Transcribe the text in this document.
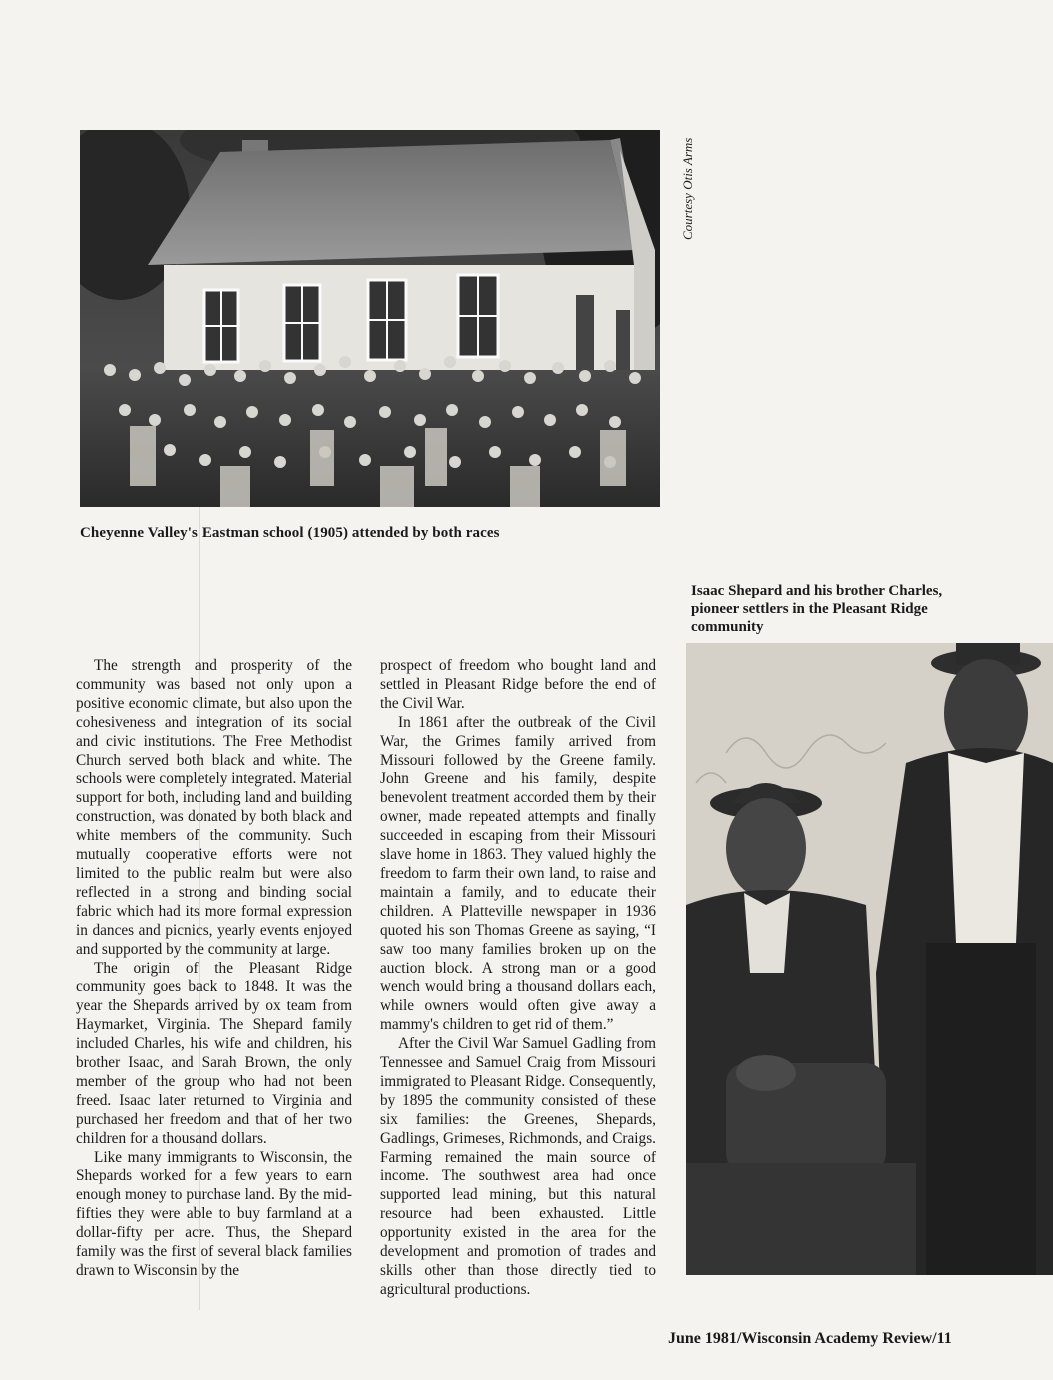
Courtesy Otis Arms
Cheyenne Valley's Eastman school (1905) attended by both races
Isaac Shepard and his brother Charles, pioneer settlers in the Pleasant Ridge community

The strength and prosperity of the community was based not only upon a positive economic climate, but also upon the cohesiveness and integration of its social and civic institutions. The Free Methodist Church served both black and white. The schools were completely integrated. Material support for both, including land and building construction, was donated by both black and white members of the community. Such mutually cooperative efforts were not limited to the public realm but were also reflected in a strong and binding social fabric which had its more formal expression in dances and picnics, yearly events enjoyed and supported by the community at large.

The origin of the Pleasant Ridge community goes back to 1848. It was the year the Shepards arrived by ox team from Haymarket, Virginia. The Shepard family included Charles, his wife and children, his brother Isaac, and Sarah Brown, the only member of the group who had not been freed. Isaac later returned to Virginia and purchased her freedom and that of her two children for a thousand dollars.

Like many immigrants to Wisconsin, the Shepards worked for a few years to earn enough money to purchase land. By the mid-fifties they were able to buy farmland at a dollar-fifty per acre. Thus, the Shepard family was the first of several black families drawn to Wisconsin by the

prospect of freedom who bought land and settled in Pleasant Ridge before the end of the Civil War.

In 1861 after the outbreak of the Civil War, the Grimes family arrived from Missouri followed by the Greene family. John Greene and his family, despite benevolent treatment accorded them by their owner, made repeated attempts and finally succeeded in escaping from their Missouri slave home in 1863. They valued highly the freedom to farm their own land, to raise and maintain a family, and to educate their children. A Platteville newspaper in 1936 quoted his son Thomas Greene as saying, “I saw too many families broken up on the auction block. A strong man or a good wench would bring a thousand dollars each, while owners would often give away a mammy's children to get rid of them.”

After the Civil War Samuel Gadling from Tennessee and Samuel Craig from Missouri immigrated to Pleasant Ridge. Consequently, by 1895 the community consisted of these six families: the Greenes, Shepards, Gadlings, Grimeses, Richmonds, and Craigs. Farming remained the main source of income. The southwest area had once supported lead mining, but this natural resource had been exhausted. Little opportunity existed in the area for the development and promotion of trades and skills other than those directly tied to agricultural productions.

June 1981/Wisconsin Academy Review/11
